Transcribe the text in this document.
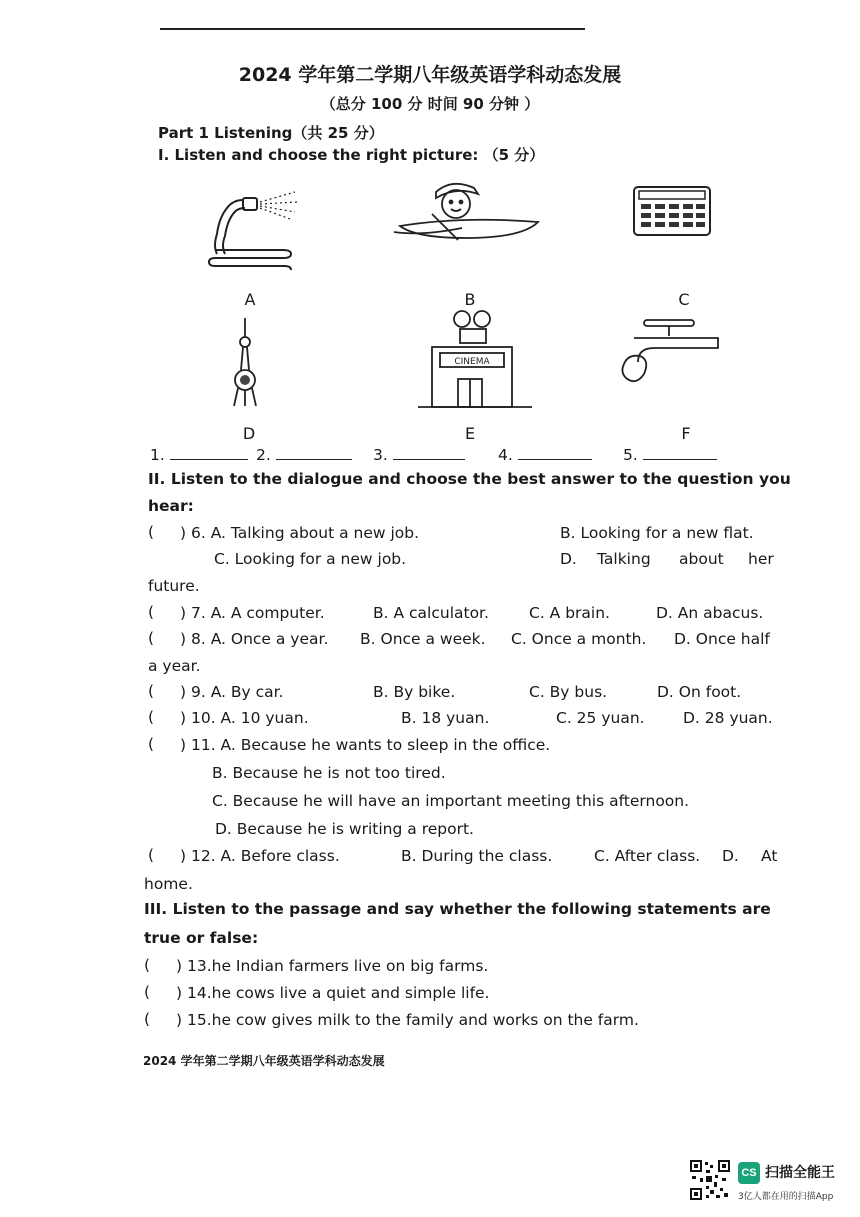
2024 学年第二学期八年级英语学科动态发展
（总分 100 分 时间 90 分钟 ）
Part 1 Listening（共 25 分）
I. Listen and choose the right picture: （5 分）
A	B	C
D
CINEMA
E	F
1.	2.	3.	4.	5.
II. Listen to the dialogue and choose the best answer to the question you
hear:
( ) 6. A. Talking about a new job.	B. Looking for a new flat.
C. Looking for a new job.	D. Talking about her
future.
( ) 7. A. A computer.	B. A calculator.	C. A brain.	D. An abacus.
( ) 8. A. Once a year. B. Once a week. C. Once a month. D. Once half
a year.
( ) 9. A. By car.	B. By bike.	C. By bus.	D. On foot.
( ) 10. A. 10 yuan.	B. 18 yuan.	C. 25 yuan. D. 28 yuan.
( ) 11. A. Because he wants to sleep in the office.
B. Because he is not too tired.
C. Because he will have an important meeting this afternoon.
D. Because he is writing a report.
( ) 12. A. Before class.	B. During the class.	C. After class. D. At
home.
III. Listen to the passage and say whether the following statements are
true or false:
( ) 13.he Indian farmers live on big farms.
( ) 14.he cows live a quiet and simple life.
( ) 15.he cow gives milk to the family and works on the farm.
2024 学年第二学期八年级英语学科动态发展
CS 扫描全能王
3亿人都在用的扫描App
